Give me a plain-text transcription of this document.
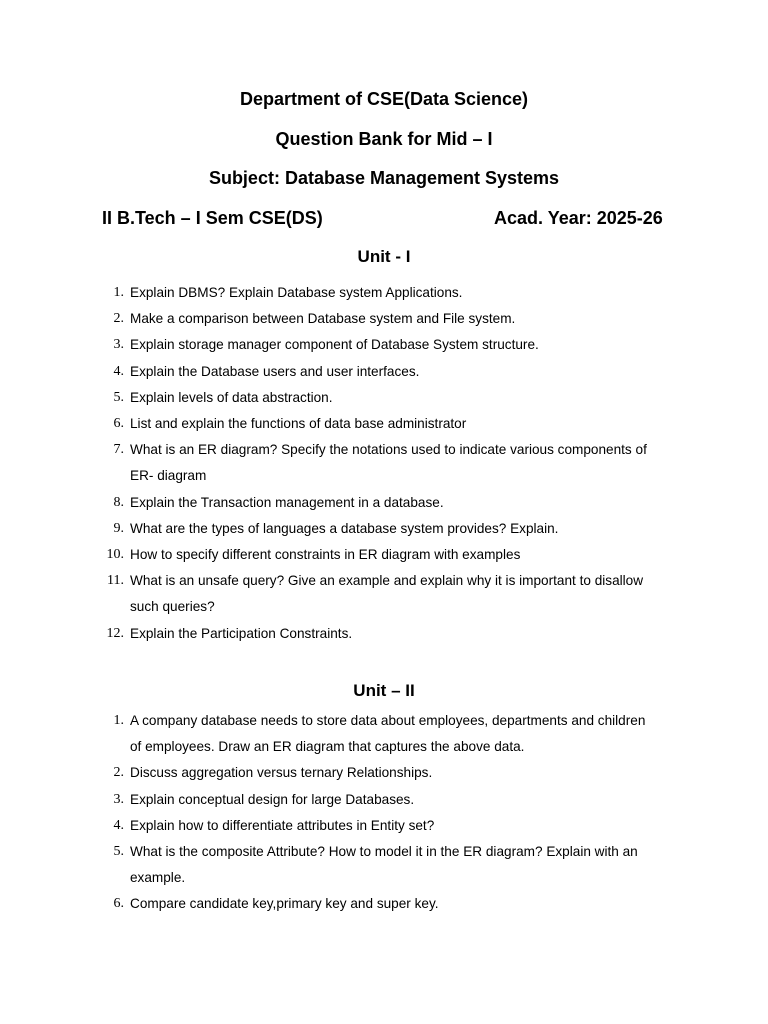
Department of CSE(Data Science)
Question Bank for Mid – I
Subject: Database Management Systems
II B.Tech – I Sem CSE(DS)	Acad. Year: 2025-26
Unit - I
1. Explain DBMS? Explain Database system Applications.
2. Make a comparison between Database system and File system.
3. Explain storage manager component of Database System structure.
4. Explain the Database users and user interfaces.
5. Explain levels of data abstraction.
6. List and explain the functions of data base administrator
7. What is an ER diagram? Specify the notations used to indicate various components of ER- diagram
8. Explain the Transaction management in a database.
9. What are the types of languages a database system provides? Explain.
10. How to specify different constraints in ER diagram with examples
11. What is an unsafe query? Give an example and explain why it is important to disallow such queries?
12. Explain the Participation Constraints.
Unit – II
1. A company database needs to store data about employees, departments and children of employees. Draw an ER diagram that captures the above data.
2. Discuss aggregation versus ternary Relationships.
3. Explain conceptual design for large Databases.
4. Explain how to differentiate attributes in Entity set?
5. What is the composite Attribute? How to model it in the ER diagram? Explain with an example.
6. Compare candidate key,primary key and super key.
